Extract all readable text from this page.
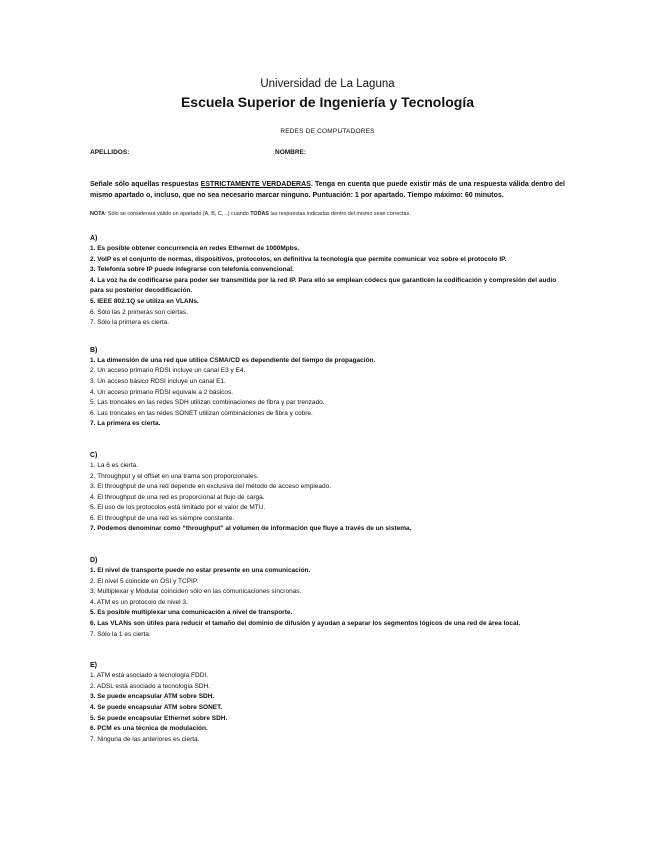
Universidad de La Laguna

Escuela Superior de Ingeniería y Tecnología

REDES DE COMPUTADORES

APELLIDOS:	NOMBRE:
Señale sólo aquellas respuestas ESTRICTAMENTE VERDADERAS. Tenga en cuenta que puede existir más de una respuesta válida dentro del mismo apartado o, incluso, que no sea necesario marcar ninguno. Puntuación: 1 por apartado. Tiempo máximo: 60 minutos.
NOTA: Sólo se considerará válido un apartado (A, B, C, ..) cuando TODAS las respuestas indicadas dentro del mismo sean correctas.

A)

1. Es posible obtener concurrencia en redes Ethernet de 1000Mpbs.

2. VoIP es el conjunto de normas, dispositivos, protocolos, en definitiva la tecnología que permite comunicar voz sobre el protocolo IP.

3. Telefonía sobre IP puede integrarse con telefonía convencional.

4. La voz ha de codificarse para poder ser transmitida por la red IP. Para ello se emplean códecs que garanticen la codificación y compresión del audio para su posterior decodificación.

5. IEEE 802.1Q se utiliza en VLANs.

6. Sólo las 2 primeras son ciertas.

7. Sólo la primera es cierta.

B)

1. La dimensión de una red que utilice CSMA/CD es dependiente del tiempo de propagación.

2. Un acceso primario RDSI incluye un canal E3 y E4.

3. Un acceso básico RDSI incluye un canal E1.

4. Un acceso primario RDSI equivale a 2 básicos.

5. Las troncales en las redes SDH utilizan combinaciones de fibra y par trenzado.

6. Las troncales en las redes SONET utilizan combinaciones de fibra y cobre.

7. La primera es cierta.

C)

1. La 6 es cierta.

2. Throughput y el offset en una trama son proporcionales.

3. El throughput de una red depende en exclusiva del método de acceso empleado.

4. El throughput de una red es proporcional al flujo de carga.

5. El uso de los protocolos está limitado por el valor de MTU.

6. El throughput de una red es siempre constante.

7. Podemos denominar como “throughput” al volumen de información que fluye a través de un sistema.

D)

1. El nivel de transporte puede no estar presente en una comunicación.

2. El nivel 5 coincide en OSI y TCPIP.

3. Multiplexar y Modular coinciden sólo en las comunicaciones síncronas.

4. ATM es un protocolo de nivel 3.

5. Es posible multiplexar una comunicación a nivel de transporte.

6. Las VLANs son útiles para reducir el tamaño del dominio de difusión y ayudan a separar los segmentos lógicos de una red de área local.

7. Sólo la 1 es cierta.

E)

1. ATM está asociado a tecnología FDDI.

2. ADSL está asociado a tecnología SDH.

3. Se puede encapsular ATM sobre SDH.

4. Se puede encapsular ATM sobre SONET.

5. Se puede encapsular Ethernet sobre SDH.

6. PCM es una técnica de modulación.

7. Ninguna de las anteriores es cierta.
